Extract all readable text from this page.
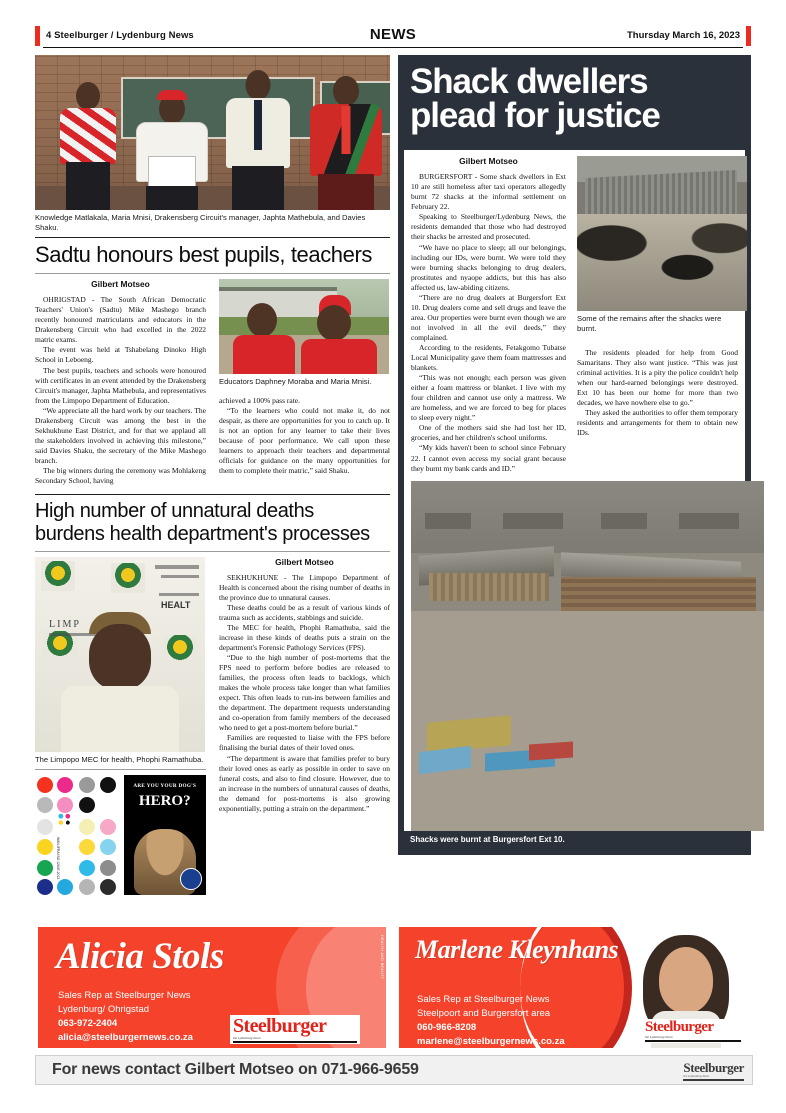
4 Steelburger / Lydenburg News	NEWS	Thursday March 16, 2023
Knowledge Matlakala, Maria Mnisi, Drakensberg Circuit's manager, Japhta Mathebula, and Davies Shaku.
Sadtu honours best pupils, teachers
Gilbert Motseo

OHRIGSTAD - The South African Democratic Teachers' Union's (Sadtu) Mike Mashego branch recently honoured matriculants and educators in the Drakensberg Circuit who had excelled in the 2022 matric exams.

The event was held at Tshabelang Dinoko High School in Leboeng.

The best pupils, teachers and schools were honoured with certificates in an event attended by the Drakensberg Circuit's manager, Japhta Mathebula, and representatives from the Limpopo Department of Education.

“We appreciate all the hard work by our teachers. The Drakensberg Circuit was among the best in the Sekhukhune East District, and for that we applaud all the stakeholders involved in achieving this milestone,” said Davies Shaku, the secretary of the Mike Mashego branch.

The big winners during the ceremony was Mohlakeng Secondary School, having

Educators Daphney Moraba and Maria Mnisi.

achieved a 100% pass rate.

“To the learners who could not make it, do not despair, as there are opportunities for you to catch up. It is not an option for any learner to take their lives because of poor performance. We call upon these learners to approach their teachers and departmental officials for guidance on the many opportunities for them to complete their matric,” said Shaku.

High number of unnatural deaths
burdens health department's processes
HEALT
LIMP
The Limpopo MEC for health, Phophi Ramathuba.
WAN-IFRA ISO 12647-2013
ARE YOU YOUR DOG'S
HERO?
Gilbert Motseo

SEKHUKHUNE - The Limpopo Department of Health is concerned about the rising number of deaths in the province due to unnatural causes.

These deaths could be as a result of various kinds of trauma such as accidents, stabbings and suicide.

The MEC for health, Phophi Ramathuba, said the increase in these kinds of deaths puts a strain on the department's Forensic Pathology Services (FPS).

“Due to the high number of post-mortems that the FPS need to perform before bodies are released to families, the process often leads to backlogs, which makes the whole process take longer than what families expect. This often leads to run-ins between families and the department. The department requests understanding and co-operation from family members of the deceased who need to get a post-mortem before burial.”

Families are requested to liaise with the FPS before finalising the burial dates of their loved ones.

“The department is aware that families prefer to bury their loved ones as early as possible in order to save on funeral costs, and also to find closure. However, due to an increase in the numbers of unnatural causes of deaths, the demand for post-mortems is also growing exponentially, putting a strain on the department.”

Shack dwellers
plead for justice
Gilbert Motseo

BURGERSFORT - Some shack dwellers in Ext 10 are still homeless after taxi operators allegedly burnt 72 shacks at the informal settlement on February 22.

Speaking to Steelburger/Lydenburg News, the residents demanded that those who had destroyed their shacks be arrested and prosecuted.

“We have no place to sleep; all our belongings, including our IDs, were burnt. We were told they were burning shacks belonging to drug dealers, prostitutes and nyaope addicts, but this has also affected us, law-abiding citizens.

“There are no drug dealers at Burgersfort Ext 10. Drug dealers come and sell drugs and leave the area. Our properties were burnt even though we are not involved in all the evil deeds,” they complained.

According to the residents, Fetakgomo Tubatse Local Municipality gave them foam mattresses and blankets.

“This was not enough; each person was given either a foam mattress or blanket. I live with my four children and cannot use only a mattress. We are homeless, and we are forced to beg for places to sleep every night.”

One of the mothers said she had lost her ID, groceries, and her children's school uniforms.

“My kids haven't been to school since February 22. I cannot even access my social grant because they burnt my bank cards and ID.”

Some of the remains after the shacks were burnt.

The residents pleaded for help from Good Samaritans. They also want justice. “This was just criminal activities. It is a pity the police couldn't help when our hard-earned belongings were destroyed. Ext 10 has been our home for more than two decades, we have nowhere else to go.”

They asked the authorities to offer them temporary residents and arrangements for them to obtain new IDs.

Shacks were burnt at Burgersfort Ext 10.
Alicia Stols
Sales Rep at Steelburger News
Lydenburg/ Ohrigstad
063-972-2404
alicia@steelburgernews.co.za
Steelburger
the Lydenburg News
HEALTH AND BEAUTY Marlene Kleynhans
Sales Rep at Steelburger News
Steelpoort and Burgersfort area
060-966-8208
marlene@steelburgernews.co.za
Steelburger
the Lydenburg News
For news contact Gilbert Motseo on 071-966-9659	Steelburger
the Lydenburg News
